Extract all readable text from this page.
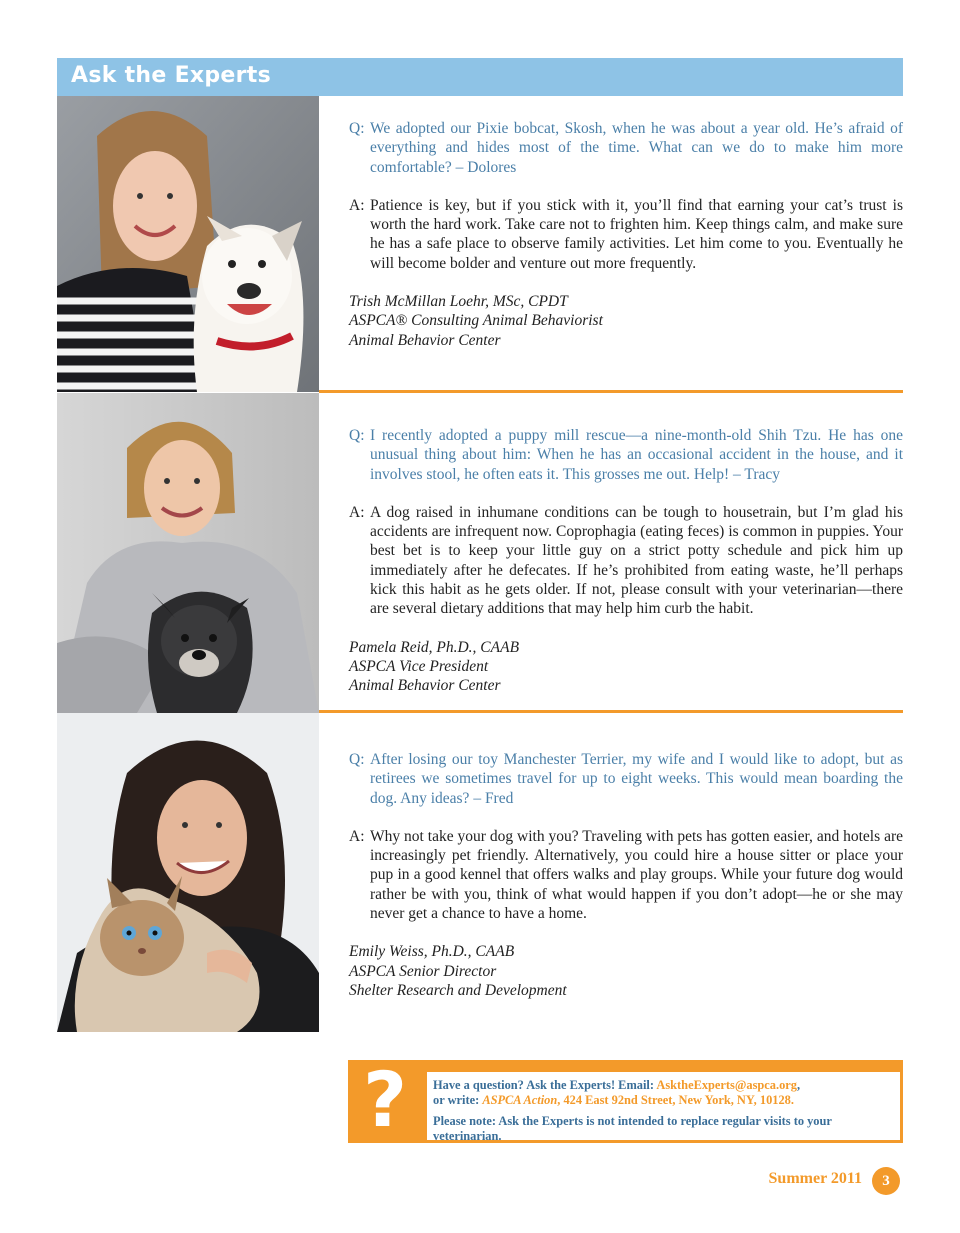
Ask the Experts
Q: We adopted our Pixie bobcat, Skosh, when he was about a year old. He’s afraid of everything and hides most of the time. What can we do to make him more comfortable? – Dolores
A: Patience is key, but if you stick with it, you’ll find that earning your cat’s trust is worth the hard work. Take care not to frighten him. Keep things calm, and make sure he has a safe place to observe family activities. Let him come to you. Eventually he will become bolder and venture out more frequently.
Trish McMillan Loehr, MSc, CPDT
ASPCA® Consulting Animal Behaviorist
Animal Behavior Center
Q: I recently adopted a puppy mill rescue—a nine-month-old Shih Tzu. He has one unusual thing about him: When he has an occasional accident in the house, and it involves stool, he often eats it. This grosses me out. Help! – Tracy
A: A dog raised in inhumane conditions can be tough to housetrain, but I’m glad his accidents are infrequent now. Coprophagia (eating feces) is common in puppies. Your best bet is to keep your little guy on a strict potty schedule and pick him up immediately after he defecates. If he’s prohibited from eating waste, he’ll perhaps kick this habit as he gets older. If not, please consult with your veterinarian—there are several dietary additions that may help him curb the habit.
Pamela Reid, Ph.D., CAAB
ASPCA Vice President
Animal Behavior Center
Q: After losing our toy Manchester Terrier, my wife and I would like to adopt, but as retirees we sometimes travel for up to eight weeks. This would mean boarding the dog. Any ideas? – Fred
A: Why not take your dog with you? Traveling with pets has gotten easier, and hotels are increasingly pet friendly. Alternatively, you could hire a house sitter or place your pup in a good kennel that offers walks and play groups. While your future dog would rather be with you, think of what would happen if you don’t adopt—he or she may never get a chance to have a home.
Emily Weiss, Ph.D., CAAB
ASPCA Senior Director
Shelter Research and Development
? Have a question? Ask the Experts! Email: AsktheExperts@aspca.org,
or write: ASPCA Action, 424 East 92nd Street, New York, NY, 10128.
Please note: Ask the Experts is not intended to replace regular visits to your veterinarian.
Summer 2011	3
